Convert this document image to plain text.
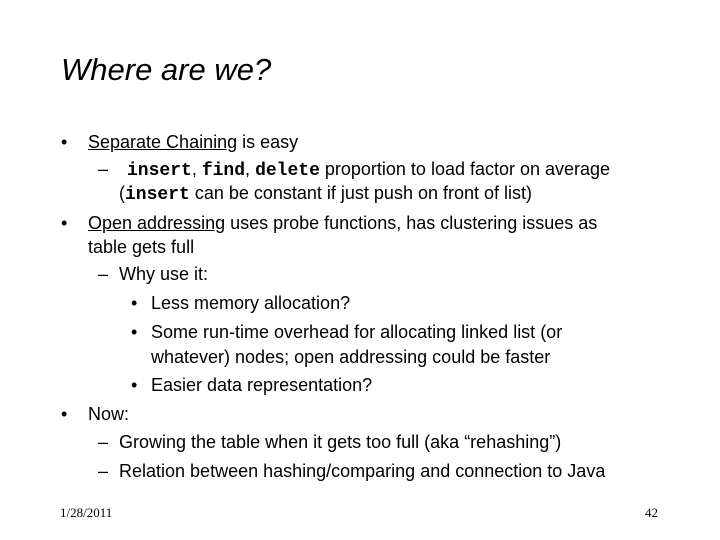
Where are we?
• Separate Chaining is easy
– insert, find, delete proportion to load factor on average
(insert can be constant if just push on front of list)
• Open addressing uses probe functions, has clustering issues as
table gets full
– Why use it:
• Less memory allocation?
• Some run-time overhead for allocating linked list (or
whatever) nodes; open addressing could be faster
• Easier data representation?
• Now:
– Growing the table when it gets too full (aka “rehashing”)
– Relation between hashing/comparing and connection to Java
1/28/2011	42
